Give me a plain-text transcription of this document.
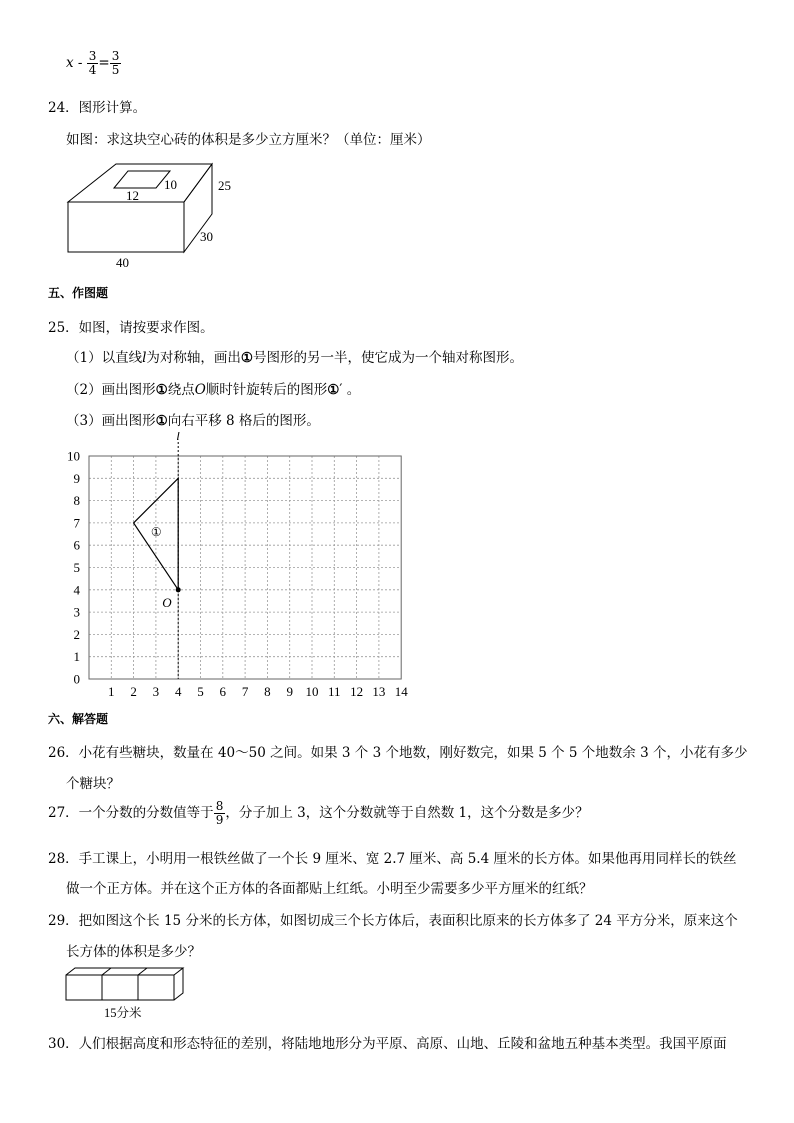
$x - \frac{3}{4} = \frac{3}{5}$
24．图形计算。
如图：求这块空心砖的体积是多少立方厘米？（单位：厘米）
12
10	25
30
40
五、作图题
25．如图，请按要求作图。
（1）以直线l为对称轴，画出①号图形的另一半，使它成为一个轴对称图形。
（2）画出图形①绕点O顺时针旋转后的图形①′ 。
（3）画出图形①向右平移 8 格后的图形。
l
①
O
1 2 3 4 5 6 7 8 9 10 11 12 13 14
0
1
2
3
4
5
6
7
8
9
10
六、解答题
26．小花有些糖块，数量在 40～50 之间。如果 3 个 3 个地数，刚好数完，如果 5 个 5 个地数余 3 个，小花有多少
个糖块？
27．一个分数的分数值等于 $\frac{8}{9}$ ，分子加上 3，这个分数就等于自然数 1，这个分数是多少？
28．手工课上，小明用一根铁丝做了一个长 9 厘米、宽 2.7 厘米、高 5.4 厘米的长方体。如果他再用同样长的铁丝
做一个正方体。并在这个正方体的各面都贴上红纸。小明至少需要多少平方厘米的红纸？
29．把如图这个长 15 分米的长方体，如图切成三个长方体后，表面积比原来的长方体多了 24 平方分米，原来这个
长方体的体积是多少？
15分米
30．人们根据高度和形态特征的差别，将陆地地形分为平原、高原、山地、丘陵和盆地五种基本类型。我国平原面
